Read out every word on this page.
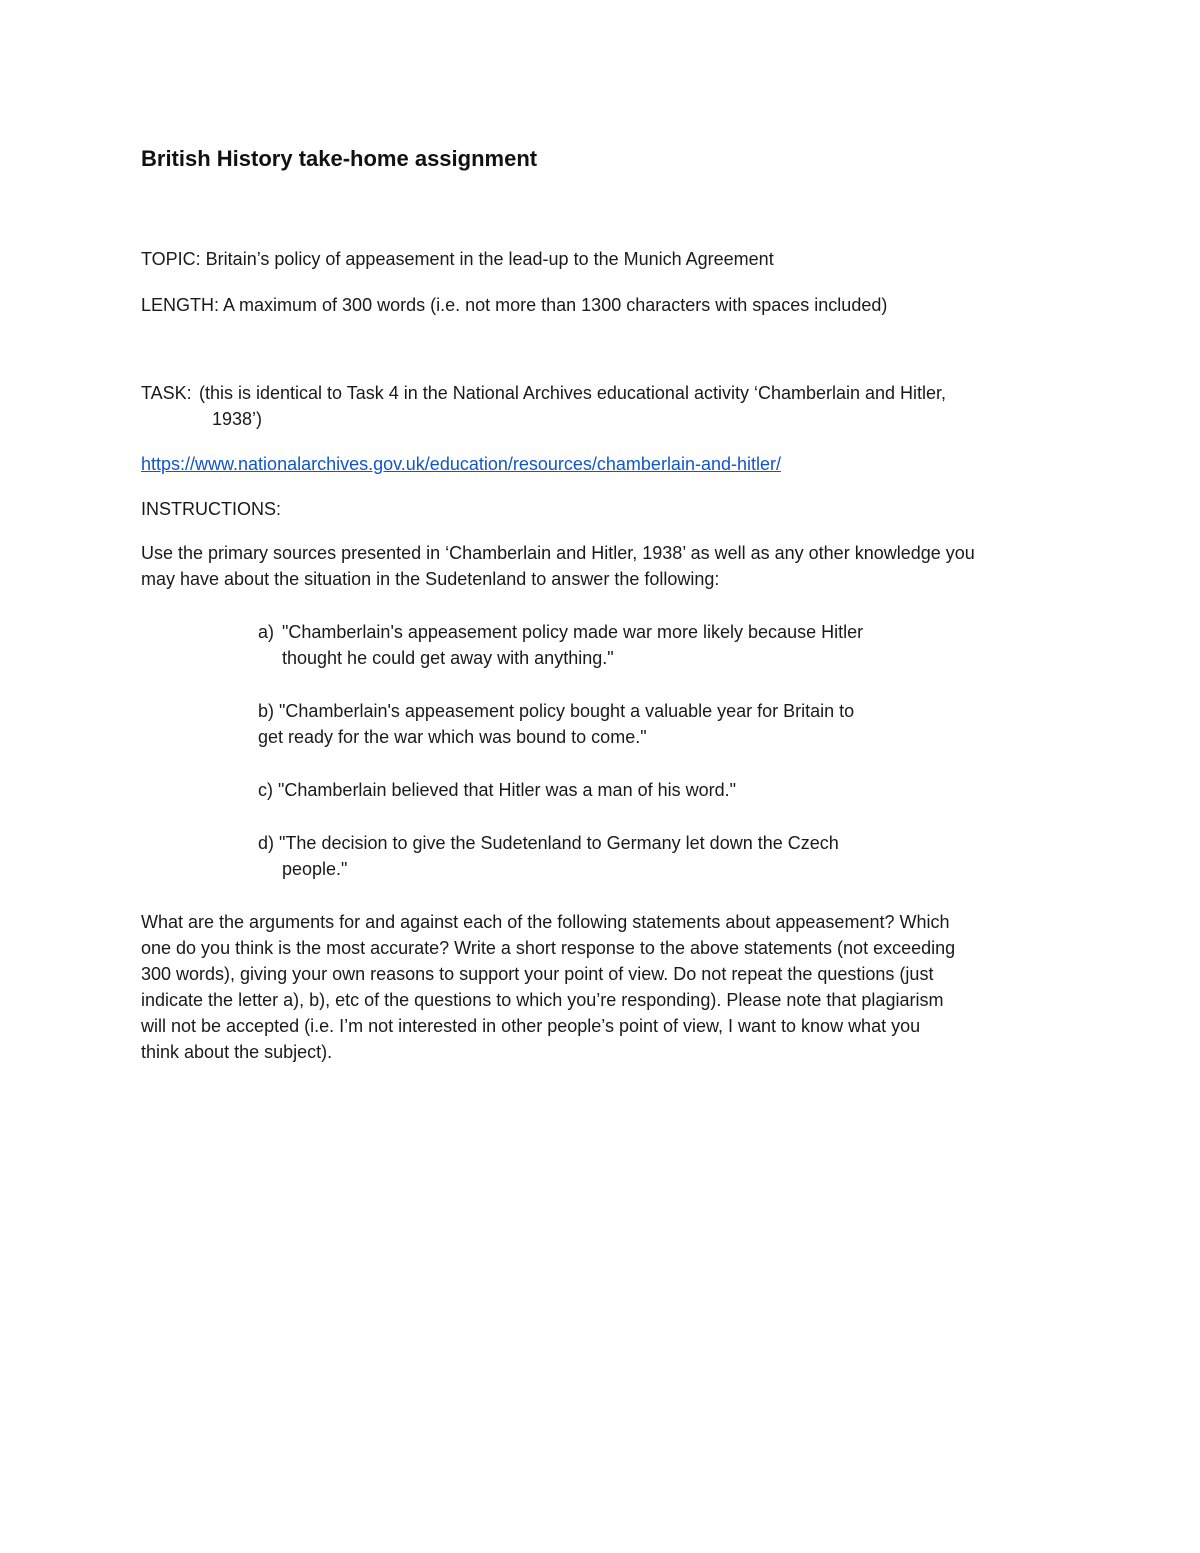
British History take-home assignment

TOPIC: Britain’s policy of appeasement in the lead-up to the Munich Agreement

LENGTH: A maximum of 300 words (i.e. not more than 1300 characters with spaces included)

TASK: (this is identical to Task 4 in the National Archives educational activity ‘Chamberlain and Hitler,
1938’)
https://www.nationalarchives.gov.uk/education/resources/chamberlain-and-hitler/

INSTRUCTIONS:

Use the primary sources presented in ‘Chamberlain and Hitler, 1938’ as well as any other knowledge you
may have about the situation in the Sudetenland to answer the following:
a) "Chamberlain's appeasement policy made war more likely because Hitler
thought he could get away with anything."
b) "Chamberlain's appeasement policy bought a valuable year for Britain to
get ready for the war which was bound to come."
c) "Chamberlain believed that Hitler was a man of his word."
d) "The decision to give the Sudetenland to Germany let down the Czech
people."
What are the arguments for and against each of the following statements about appeasement? Which
one do you think is the most accurate? Write a short response to the above statements (not exceeding
300 words), giving your own reasons to support your point of view. Do not repeat the questions (just
indicate the letter a), b), etc of the questions to which you’re responding). Please note that plagiarism
will not be accepted (i.e. I’m not interested in other people’s point of view, I want to know what you
think about the subject).
